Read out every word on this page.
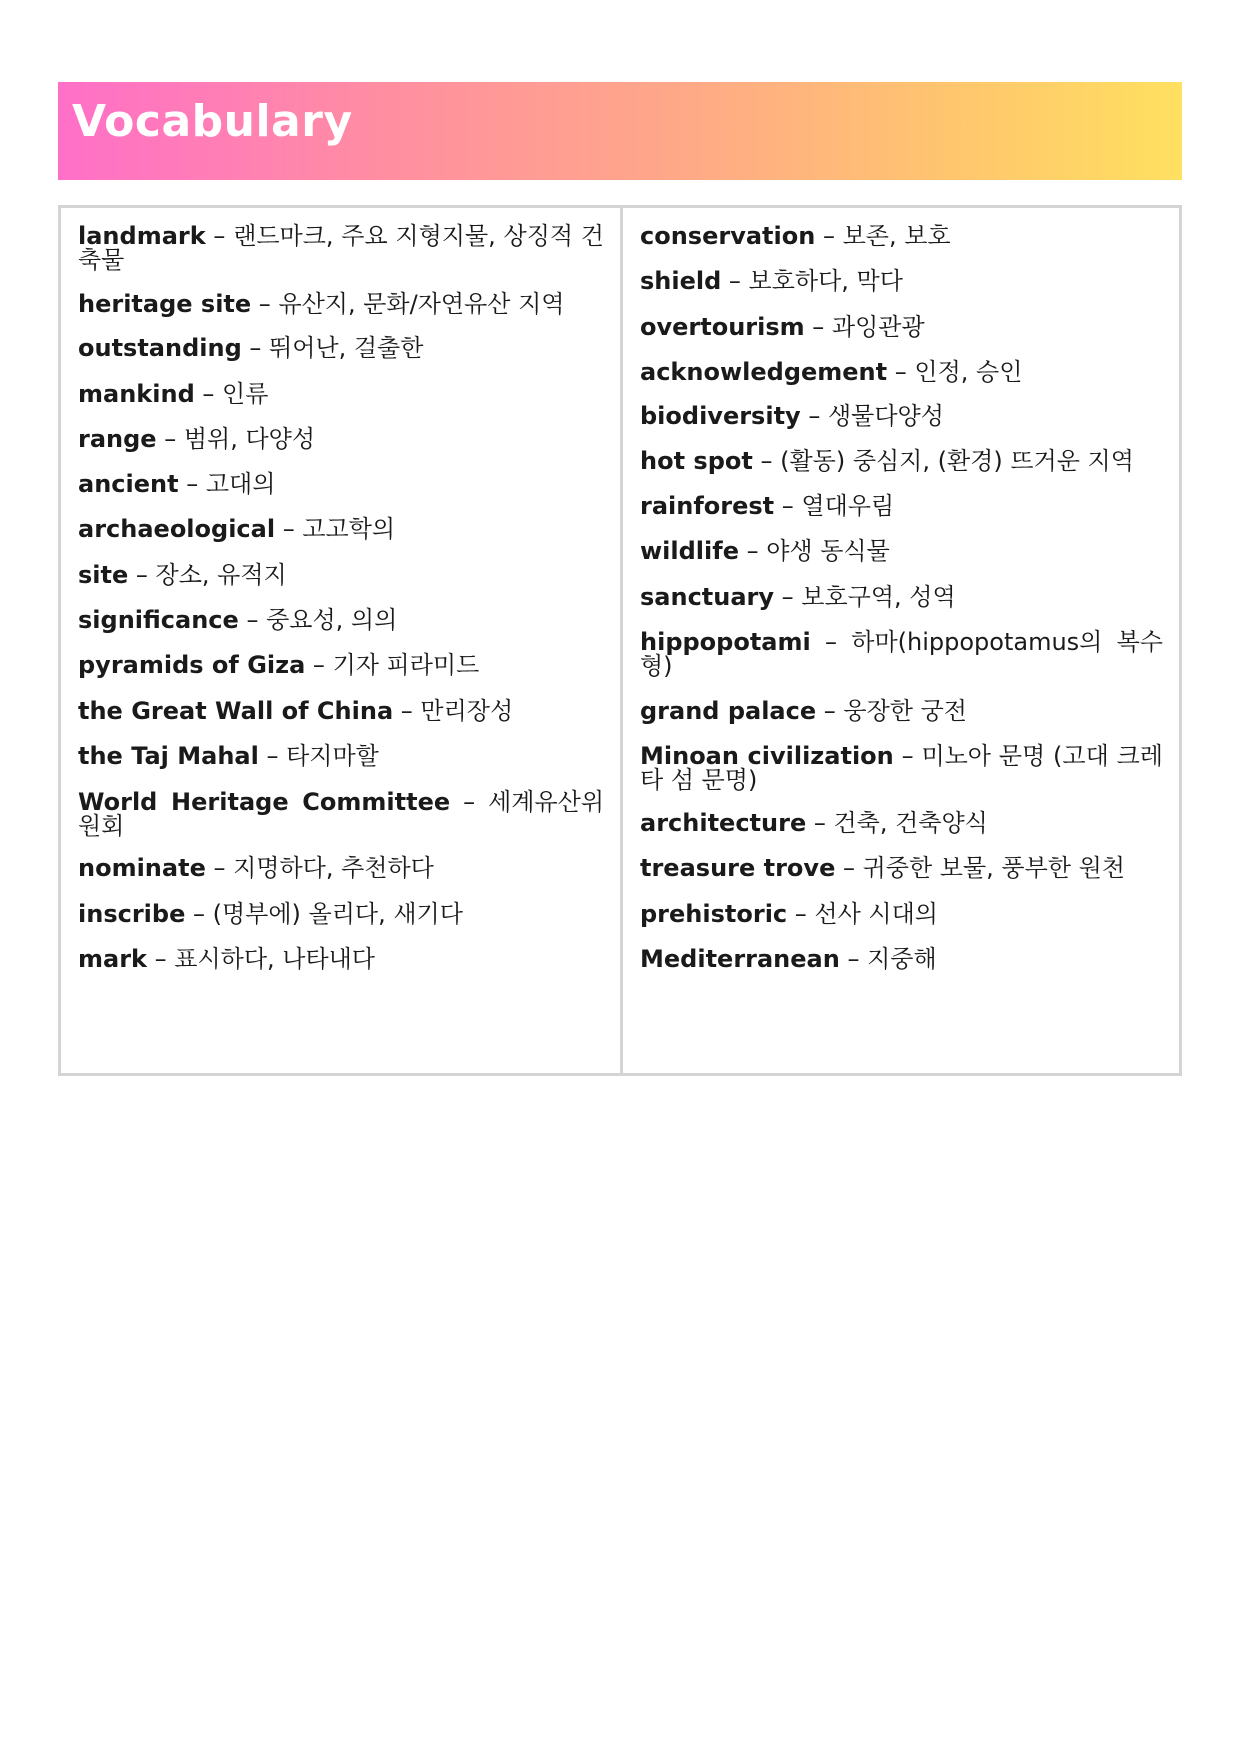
Vocabulary

landmark – 랜드마크, 주요 지형지물, 상징적 건축물

heritage site – 유산지, 문화/자연유산 지역

outstanding – 뛰어난, 걸출한

mankind – 인류

range – 범위, 다양성

ancient – 고대의

archaeological – 고고학의

site – 장소, 유적지

significance – 중요성, 의의

pyramids of Giza – 기자 피라미드

the Great Wall of China – 만리장성

the Taj Mahal – 타지마할

World Heritage Committee – 세계유산위원회

nominate – 지명하다, 추천하다

inscribe – (명부에) 올리다, 새기다

mark – 표시하다, 나타내다

conservation – 보존, 보호

shield – 보호하다, 막다

overtourism – 과잉관광

acknowledgement – 인정, 승인

biodiversity – 생물다양성

hot spot – (활동) 중심지, (환경) 뜨거운 지역

rainforest – 열대우림

wildlife – 야생 동식물

sanctuary – 보호구역, 성역

hippopotami – 하마(hippopotamus의 복수형)

grand palace – 웅장한 궁전

Minoan civilization – 미노아 문명 (고대 크레타 섬 문명)

architecture – 건축, 건축양식

treasure trove – 귀중한 보물, 풍부한 원천

prehistoric – 선사 시대의

Mediterranean – 지중해
